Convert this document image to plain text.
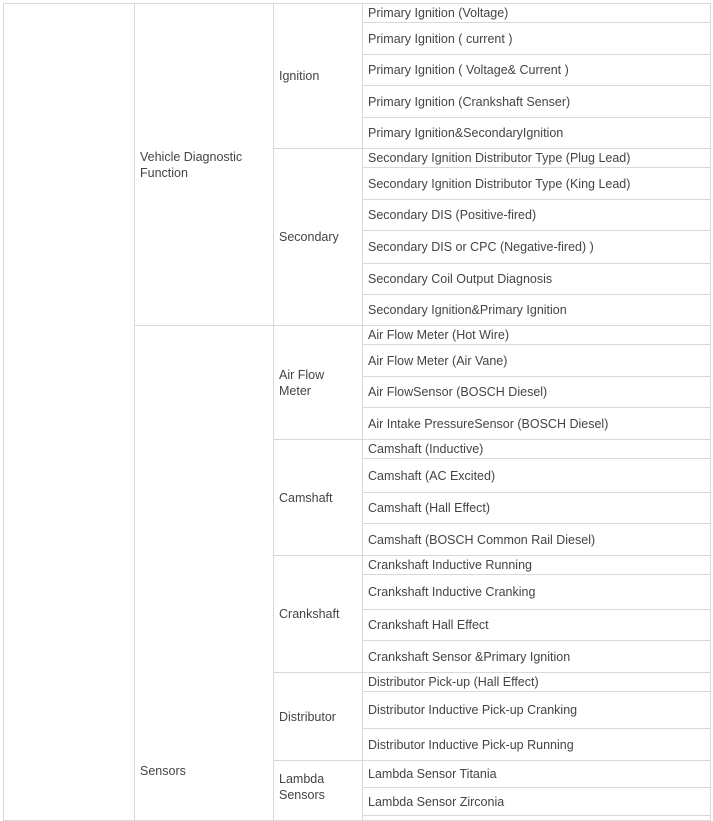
Primary Ignition (Voltage)
Primary Ignition ( current )
Primary Ignition ( Voltage& Current )
Primary Ignition (Crankshaft Senser)
Primary Ignition&SecondaryIgnition
Ignition
Secondary Ignition Distributor Type (Plug Lead)
Secondary Ignition Distributor Type (King Lead)
Secondary DIS (Positive-fired)
Secondary DIS or CPC (Negative-fired) )
Secondary Coil Output Diagnosis
Secondary Ignition&Primary Ignition
Secondary
Vehicle Diagnostic Function
Air Flow Meter (Hot Wire)
Air Flow Meter (Air Vane)
Air FlowSensor (BOSCH Diesel)
Air Intake PressureSensor (BOSCH Diesel)
Air Flow Meter
Camshaft (Inductive)
Camshaft (AC Excited)
Camshaft (Hall Effect)
Camshaft (BOSCH Common Rail Diesel)
Camshaft
Crankshaft Inductive Running
Crankshaft Inductive Cranking
Crankshaft Hall Effect
Crankshaft Sensor &Primary Ignition
Crankshaft
Distributor Pick-up (Hall Effect)
Distributor Inductive Pick-up Cranking
Distributor Inductive Pick-up Running
Distributor
Lambda Sensor Titania
Lambda Sensor Zirconia
Lambda Sensors
Sensors
